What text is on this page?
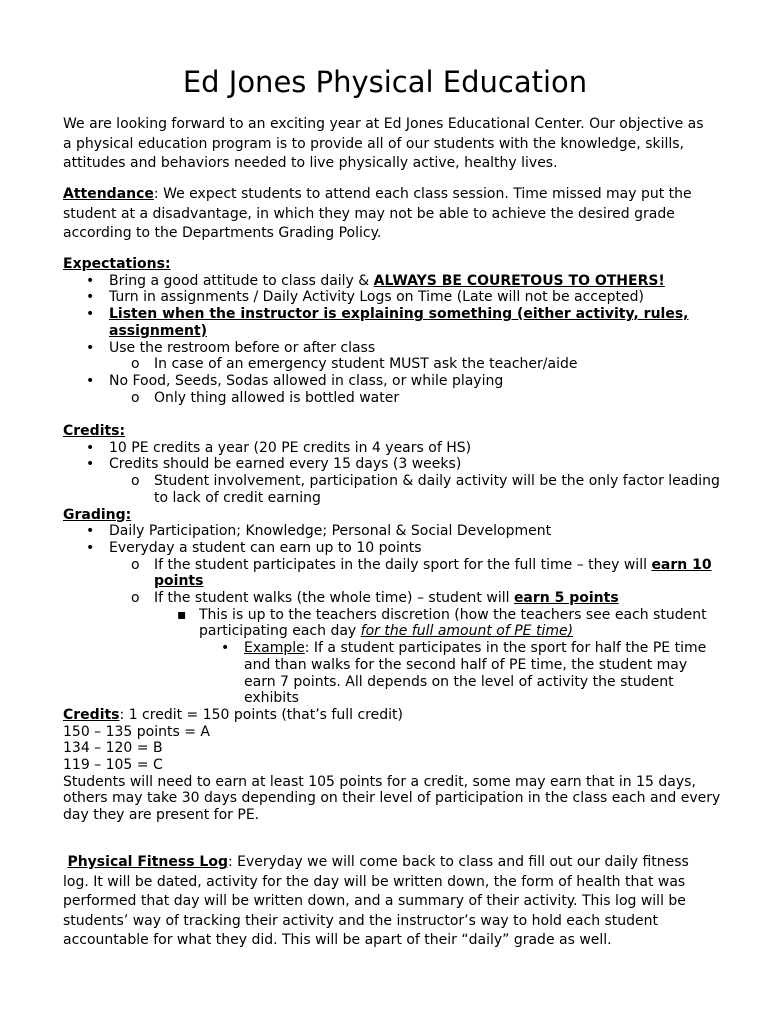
Ed Jones Physical Education

We are looking forward to an exciting year at Ed Jones Educational Center. Our objective as a physical education program is to provide all of our students with the knowledge, skills, attitudes and behaviors needed to live physically active, healthy lives.

Attendance: We expect students to attend each class session. Time missed may put the student at a disadvantage, in which they may not be able to achieve the desired grade according to the Departments Grading Policy.

Expectations:

• Bring a good attitude to class daily & ALWAYS BE COURETOUS TO OTHERS!
• Turn in assignments / Daily Activity Logs on Time (Late will not be accepted)
• Listen when the instructor is explaining something (either activity, rules, assignment)
• Use the restroom before or after class
o In case of an emergency student MUST ask the teacher/aide
• No Food, Seeds, Sodas allowed in class, or while playing
o Only thing allowed is bottled water

Credits:

• 10 PE credits a year (20 PE credits in 4 years of HS)
• Credits should be earned every 15 days (3 weeks)
o Student involvement, participation & daily activity will be the only factor leading to lack of credit earning

Grading:

• Daily Participation; Knowledge; Personal & Social Development
• Everyday a student can earn up to 10 points
o If the student participates in the daily sport for the full time – they will earn 10 points
o If the student walks (the whole time) – student will earn 5 points
▪ This is up to the teachers discretion (how the teachers see each student participating each day for the full amount of PE time)
• Example: If a student participates in the sport for half the PE time and than walks for the second half of PE time, the student may earn 7 points. All depends on the level of activity the student exhibits

Credits: 1 credit = 150 points (that’s full credit)

150 – 135 points = A

134 – 120 = B

119 – 105 = C

Students will need to earn at least 105 points for a credit, some may earn that in 15 days, others may take 30 days depending on their level of participation in the class each and every day they are present for PE.

Physical Fitness Log: Everyday we will come back to class and fill out our daily fitness log. It will be dated, activity for the day will be written down, the form of health that was performed that day will be written down, and a summary of their activity. This log will be students’ way of tracking their activity and the instructor’s way to hold each student accountable for what they did. This will be apart of their “daily” grade as well.
